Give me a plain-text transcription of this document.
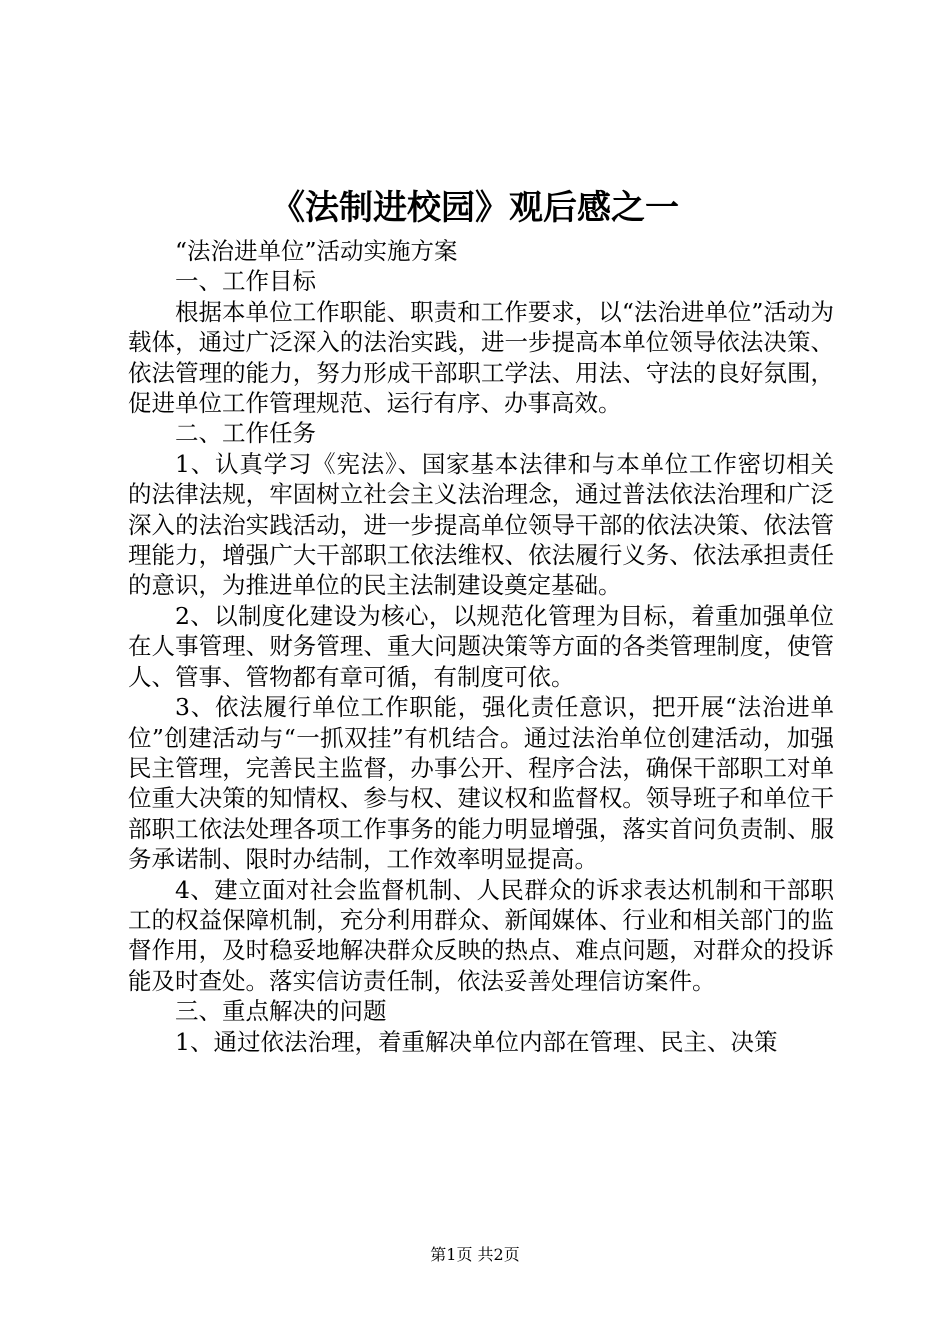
《法制进校园》观后感之一

“法治进单位”活动实施方案

一、工作目标

根据本单位工作职能、职责和工作要求，以“法治进单位”活动为载体，通过广泛深入的法治实践，进一步提高本单位领导依法决策、依法管理的能力，努力形成干部职工学法、用法、守法的良好氛围，促进单位工作管理规范、运行有序、办事高效。

二、工作任务

1、认真学习《宪法》、国家基本法律和与本单位工作密切相关的法律法规，牢固树立社会主义法治理念，通过普法依法治理和广泛深入的法治实践活动，进一步提高单位领导干部的依法决策、依法管理能力，增强广大干部职工依法维权、依法履行义务、依法承担责任的意识，为推进单位的民主法制建设奠定基础。

2、以制度化建设为核心，以规范化管理为目标，着重加强单位在人事管理、财务管理、重大问题决策等方面的各类管理制度，使管人、管事、管物都有章可循，有制度可依。

3、依法履行单位工作职能，强化责任意识，把开展“法治进单位”创建活动与“一抓双挂”有机结合。通过法治单位创建活动，加强民主管理，完善民主监督，办事公开、程序合法，确保干部职工对单位重大决策的知情权、参与权、建议权和监督权。领导班子和单位干部职工依法处理各项工作事务的能力明显增强，落实首问负责制、服务承诺制、限时办结制，工作效率明显提高。

4、建立面对社会监督机制、人民群众的诉求表达机制和干部职工的权益保障机制，充分利用群众、新闻媒体、行业和相关部门的监督作用，及时稳妥地解决群众反映的热点、难点问题，对群众的投诉能及时查处。落实信访责任制，依法妥善处理信访案件。

三、重点解决的问题

1、通过依法治理，着重解决单位内部在管理、民主、决策

第1页 共2页
